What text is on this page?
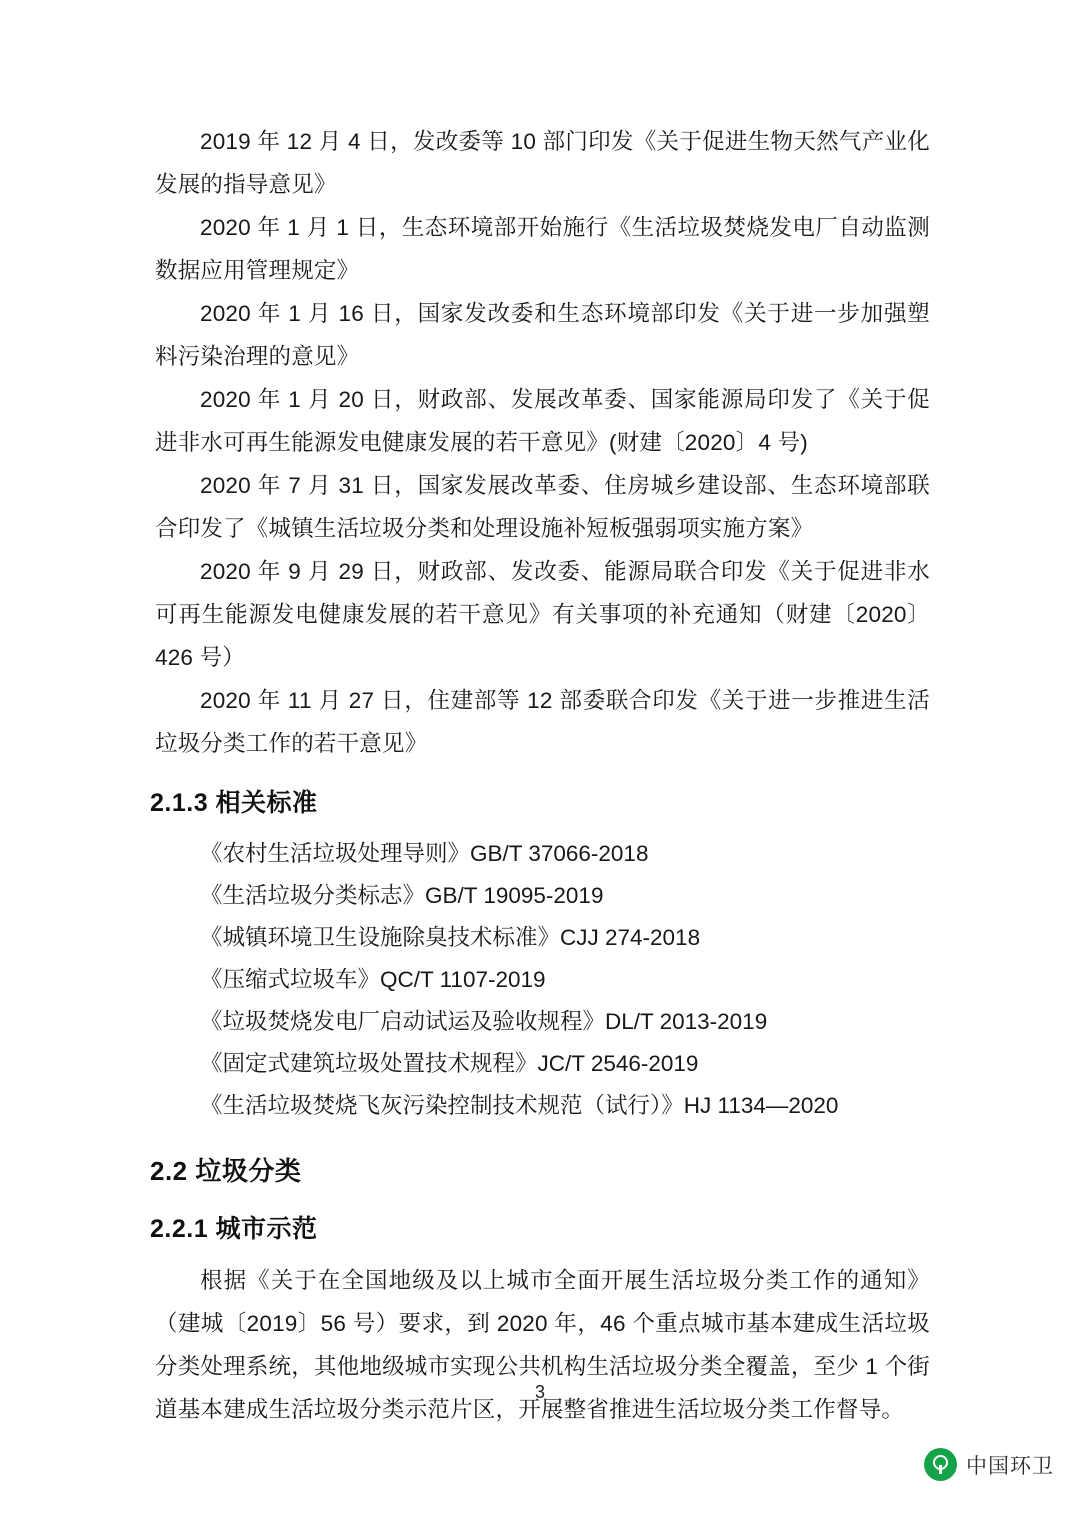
2019 年 12 月 4 日，发改委等 10 部门印发《关于促进生物天然气产业化发展的指导意见》

2020 年 1 月 1 日，生态环境部开始施行《生活垃圾焚烧发电厂自动监测数据应用管理规定》

2020 年 1 月 16 日，国家发改委和生态环境部印发《关于进一步加强塑料污染治理的意见》

2020 年 1 月 20 日，财政部、发展改革委、国家能源局印发了《关于促进非水可再生能源发电健康发展的若干意见》(财建〔2020〕4 号)

2020 年 7 月 31 日，国家发展改革委、住房城乡建设部、生态环境部联合印发了《城镇生活垃圾分类和处理设施补短板强弱项实施方案》

2020 年 9 月 29 日，财政部、发改委、能源局联合印发《关于促进非水可再生能源发电健康发展的若干意见》有关事项的补充通知（财建〔2020〕426 号）

2020 年 11 月 27 日，住建部等 12 部委联合印发《关于进一步推进生活垃圾分类工作的若干意见》

2.1.3 相关标准

《农村生活垃圾处理导则》GB/T 37066-2018

《生活垃圾分类标志》GB/T 19095-2019

《城镇环境卫生设施除臭技术标准》CJJ 274-2018

《压缩式垃圾车》QC/T 1107-2019

《垃圾焚烧发电厂启动试运及验收规程》DL/T 2013-2019

《固定式建筑垃圾处置技术规程》JC/T 2546-2019

《生活垃圾焚烧飞灰污染控制技术规范（试行）》HJ 1134—2020

2.2 垃圾分类
2.2.1 城市示范

根据《关于在全国地级及以上城市全面开展生活垃圾分类工作的通知》（建城〔2019〕56 号）要求，到 2020 年，46 个重点城市基本建成生活垃圾分类处理系统，其他地级城市实现公共机构生活垃圾分类全覆盖，至少 1 个街道基本建成生活垃圾分类示范片区，开展整省推进生活垃圾分类工作督导。

3
中国环卫
